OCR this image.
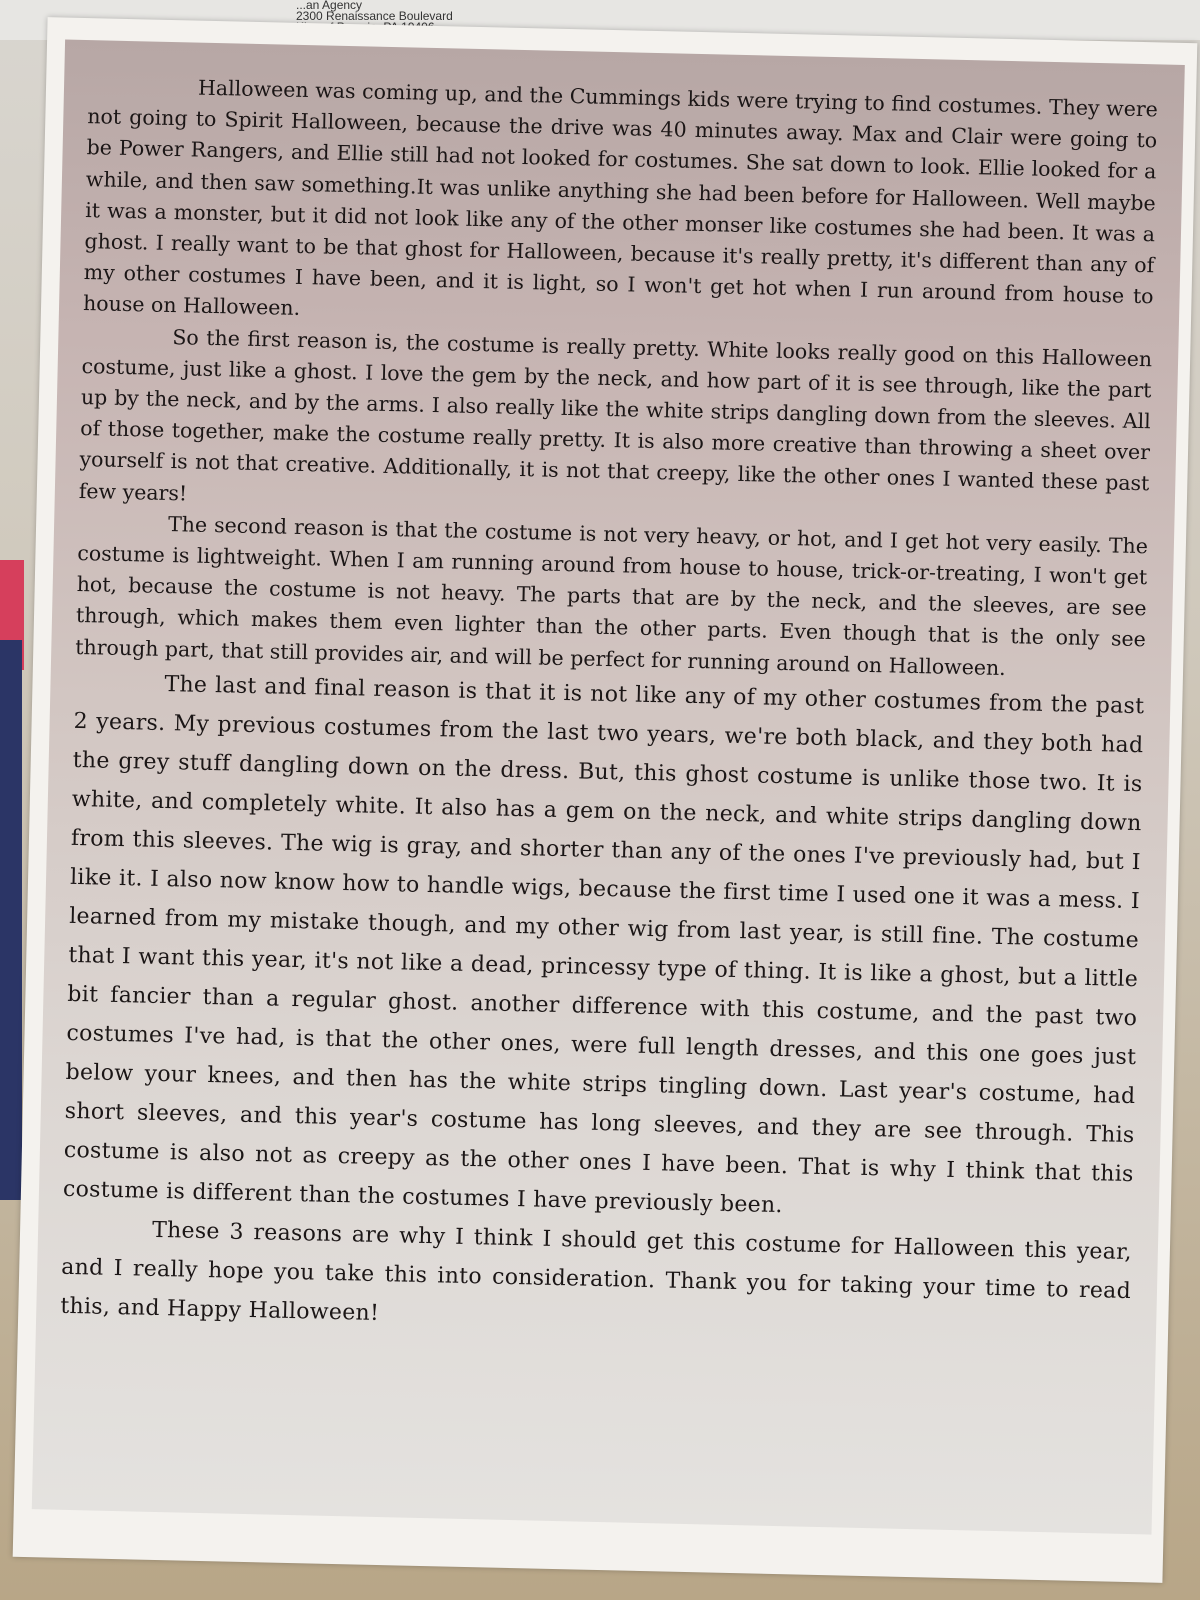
...an Agency
2300 Renaissance Boulevard

Halloween was coming up, and the Cummings kids were trying to find costumes. They were not going to Spirit Halloween, because the drive was 40 minutes away. Max and Clair were going to be Power Rangers, and Ellie still had not looked for costumes. She sat down to look. Ellie looked for a while, and then saw something.It was unlike anything she had been before for Halloween. Well maybe it was a monster, but it did not look like any of the other monser like costumes she had been. It was a ghost. I really want to be that ghost for Halloween, because it's really pretty, it's different than any of my other costumes I have been, and it is light, so I won't get hot when I run around from house to house on Halloween.

So the first reason is, the costume is really pretty. White looks really good on this Halloween costume, just like a ghost. I love the gem by the neck, and how part of it is see through, like the part up by the neck, and by the arms. I also really like the white strips dangling down from the sleeves. All of those together, make the costume really pretty. It is also more creative than throwing a sheet over yourself is not that creative. Additionally, it is not that creepy, like the other ones I wanted these past few years!

The second reason is that the costume is not very heavy, or hot, and I get hot very easily. The costume is lightweight. When I am running around from house to house, trick-or-treating, I won't get hot, because the costume is not heavy. The parts that are by the neck, and the sleeves, are see through, which makes them even lighter than the other parts. Even though that is the only see through part, that still provides air, and will be perfect for running around on Halloween.

The last and final reason is that it is not like any of my other costumes from the past 2 years. My previous costumes from the last two years, we're both black, and they both had the grey stuff dangling down on the dress. But, this ghost costume is unlike those two. It is white, and completely white. It also has a gem on the neck, and white strips dangling down from this sleeves. The wig is gray, and shorter than any of the ones I've previously had, but I like it. I also now know how to handle wigs, because the first time I used one it was a mess. I learned from my mistake though, and my other wig from last year, is still fine. The costume that I want this year, it's not like a dead, princessy type of thing. It is like a ghost, but a little bit fancier than a regular ghost. another difference with this costume, and the past two costumes I've had, is that the other ones, were full length dresses, and this one goes just below your knees, and then has the white strips tingling down. Last year's costume, had short sleeves, and this year's costume has long sleeves, and they are see through. This costume is also not as creepy as the other ones I have been. That is why I think that this costume is different than the costumes I have previously been.

These 3 reasons are why I think I should get this costume for Halloween this year, and I really hope you take this into consideration. Thank you for taking your time to read this, and Happy Halloween!
